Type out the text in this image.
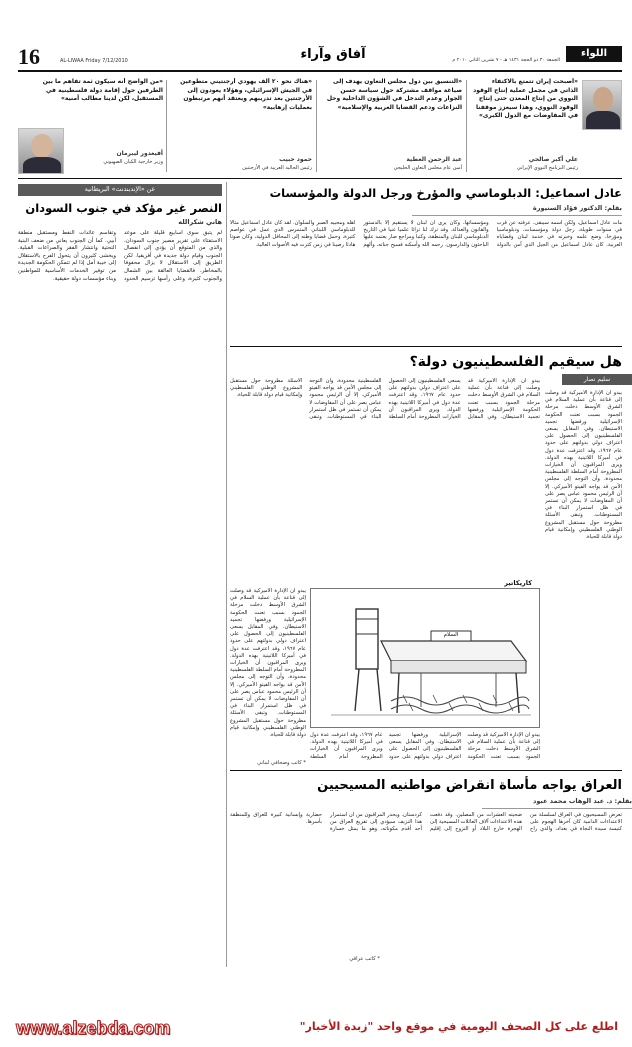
16	AL-LIWAA Friday 7/12/2010	آفاق وآراء	الجمعة ٣٠ ذو الحجة ١٤٣١ هـ - ٧ تشرين الثاني ٢٠١٠ م
اللواء
«أصبحت إيران تتمتع بالاكتفاء الذاتي في مجمل عملية إنتاج الوقود النووي من إنتاج المعدن حتى إنتاج الوقود النووي، وهذا سيعزز موقفنا في المفاوضات مع الدول الكبرى»
علي أكبر صالحي
رئيس البرنامج النووي الإيراني
«التنسيق بين دول مجلس التعاون يهدف إلى صياغة مواقف مشتركة حول سياسة حسن الجوار وعدم التدخل في الشؤون الداخلية وحل النزاعات ودعم القضايا العربية والإسلامية»
عبد الرحمن العطية
أمين عام مجلس التعاون الخليجي
«هناك نحو ٢٠ ألف يهودي أرجنتيني متطوعين في الجيش الإسرائيلي، وهؤلاء يعودون إلى الأرجنتين بعد تدريبهم ويعتقد أنهم مرتبطون بعمليات إرهابية»
حمود حبيب
رئيس الجالية العربية في الأرجنتين
«من الواضح أنه سيكون ثمة تفاهم ما بين الطرفين حول إقامة دولة فلسطينية في المستقبل، لكن لدينا مطالب أمنية»
أفيغدور ليبرمان
وزير خارجية الكيان الصهيوني
عادل اسماعيل: الدبلوماسي والمؤرخ ورجل الدولة والمؤسسات
بقلم: الدكتور فؤاد السنيورة
مات عادل اسماعيل، ولكن اسمه سيبقى. عرفته عن قرب في سنوات طويلة، رجل دولة ومؤسسات، ودبلوماسيا ومؤرخا، وضع علمه وخبرته في خدمة لبنان وقضاياه العربية. كان عادل اسماعيل من الجيل الذي آمن بالدولة ومؤسساتها، وكان يرى أن لبنان لا يستقيم إلا بالدستور والقانون والعدالة. وقد ترك لنا تراثا علميا غنيا في التاريخ الدبلوماسي للبنان والمنطقة، وكتبا ومراجع صار يعتمد عليها الباحثون والدارسون. رحمه الله وأسكنه فسيح جناته، وألهم أهله ومحبيه الصبر والسلوان. لقد كان عادل اسماعيل مثالا للدبلوماسي اللبناني المتمرس الذي عمل في عواصم كثيرة، وحمل قضايا وطنه إلى المحافل الدولية، وكان صوتا هادئا رصينا في زمن كثرت فيه الأصوات العالية.
عن «الإندبندنت» البريطانية
النصر غير مؤكد في جنوب السودان
هاني شكرالله
لم يتبق سوى أسابيع قليلة على موعد الاستفتاء على تقرير مصير جنوب السودان، والذي من المتوقع أن يؤدي إلى انفصال الجنوب وقيام دولة جديدة في أفريقيا. لكن الطريق إلى الاستقلال لا يزال محفوفا بالمخاطر، فالقضايا العالقة بين الشمال والجنوب كثيرة، وعلى رأسها ترسيم الحدود وتقاسم عائدات النفط ومستقبل منطقة أبيي. كما أن الجنوب يعاني من ضعف البنية التحتية وانتشار الفقر والصراعات القبلية. ويخشى كثيرون أن يتحول الفرح بالاستقلال إلى خيبة أمل إذا لم تتمكن الحكومة الجديدة من توفير الخدمات الأساسية للمواطنين وبناء مؤسسات دولة حقيقية.
هل سيقيم الفلسطينيون دولة؟
سليم نصار
يبدو أن الإدارة الأميركية قد وصلت إلى قناعة بأن عملية السلام في الشرق الأوسط دخلت مرحلة الجمود بسبب تعنت الحكومة الإسرائيلية ورفضها تجميد الاستيطان. وفي المقابل يسعى الفلسطينيون إلى الحصول على اعتراف دولي بدولتهم على حدود عام ١٩٦٧، وقد اعترفت عدة دول في أميركا اللاتينية بهذه الدولة. ويرى المراقبون أن الخيارات المطروحة أمام السلطة الفلسطينية محدودة، وأن التوجه إلى مجلس الأمن قد يواجه الفيتو الأميركي. إلا أن الرئيس محمود عباس يصر على أن المفاوضات لا يمكن أن تستمر في ظل استمرار البناء في المستوطنات. وتبقى الأسئلة مطروحة حول مستقبل المشروع الوطني الفلسطيني وإمكانية قيام دولة قابلة للحياة.
يبدو أن الإدارة الأميركية قد وصلت إلى قناعة بأن عملية السلام في الشرق الأوسط دخلت مرحلة الجمود بسبب تعنت الحكومة الإسرائيلية ورفضها تجميد الاستيطان. وفي المقابل يسعى الفلسطينيون إلى الحصول على اعتراف دولي بدولتهم على حدود عام ١٩٦٧، وقد اعترفت عدة دول في أميركا اللاتينية بهذه الدولة. ويرى المراقبون أن الخيارات المطروحة أمام السلطة الفلسطينية محدودة، وأن التوجه إلى مجلس الأمن قد يواجه الفيتو الأميركي. إلا أن الرئيس محمود عباس يصر على أن المفاوضات لا يمكن أن تستمر في ظل استمرار البناء في المستوطنات. وتبقى الأسئلة مطروحة حول مستقبل المشروع الوطني الفلسطيني وإمكانية قيام دولة قابلة للحياة.
كاريكاتير
السلام
يبدو أن الإدارة الأميركية قد وصلت إلى قناعة بأن عملية السلام في الشرق الأوسط دخلت مرحلة الجمود بسبب تعنت الحكومة الإسرائيلية ورفضها تجميد الاستيطان. وفي المقابل يسعى الفلسطينيون إلى الحصول على اعتراف دولي بدولتهم على حدود عام ١٩٦٧، وقد اعترفت عدة دول في أميركا اللاتينية بهذه الدولة. ويرى المراقبون أن الخيارات المطروحة أمام السلطة الفلسطينية محدودة، وأن التوجه إلى مجلس الأمن قد يواجه الفيتو الأميركي. إلا أن الرئيس محمود عباس يصر على أن المفاوضات لا يمكن أن تستمر في ظل استمرار البناء في المستوطنات. وتبقى الأسئلة مطروحة حول مستقبل المشروع الوطني الفلسطيني وإمكانية قيام دولة قابلة للحياة.	يبدو أن الإدارة الأميركية قد وصلت إلى قناعة بأن عملية السلام في الشرق الأوسط دخلت مرحلة الجمود بسبب تعنت الحكومة الإسرائيلية ورفضها تجميد الاستيطان. وفي المقابل يسعى الفلسطينيون إلى الحصول على اعتراف دولي بدولتهم على حدود عام ١٩٦٧، وقد اعترفت عدة دول في أميركا اللاتينية بهذه الدولة. ويرى المراقبون أن الخيارات المطروحة أمام السلطة
* كاتب وصحافي لبناني
العراق يواجه مأساة انقراض مواطنيه المسيحيين
بقلم: د. عبد الوهاب محمد عبود
تعرض المسيحيون في العراق لسلسلة من الاعتداءات الدامية كان آخرها الهجوم على كنيسة سيدة النجاة في بغداد، والذي راح ضحيته العشرات من المصلين. وقد دفعت هذه الاعتداءات آلاف العائلات المسيحية إلى الهجرة خارج البلاد أو النزوح إلى إقليم كردستان. ويحذر المراقبون من أن استمرار هذا النزيف سيؤدي إلى تفريغ العراق من أحد أقدم مكوناته، وهو ما يمثل خسارة حضارية وإنسانية كبيرة للعراق وللمنطقة بأسرها.
* كاتب عراقي
www.alzebda.com	اطلع على كل الصحف اليومية في موقع واحد "زبدة الأخبار"
